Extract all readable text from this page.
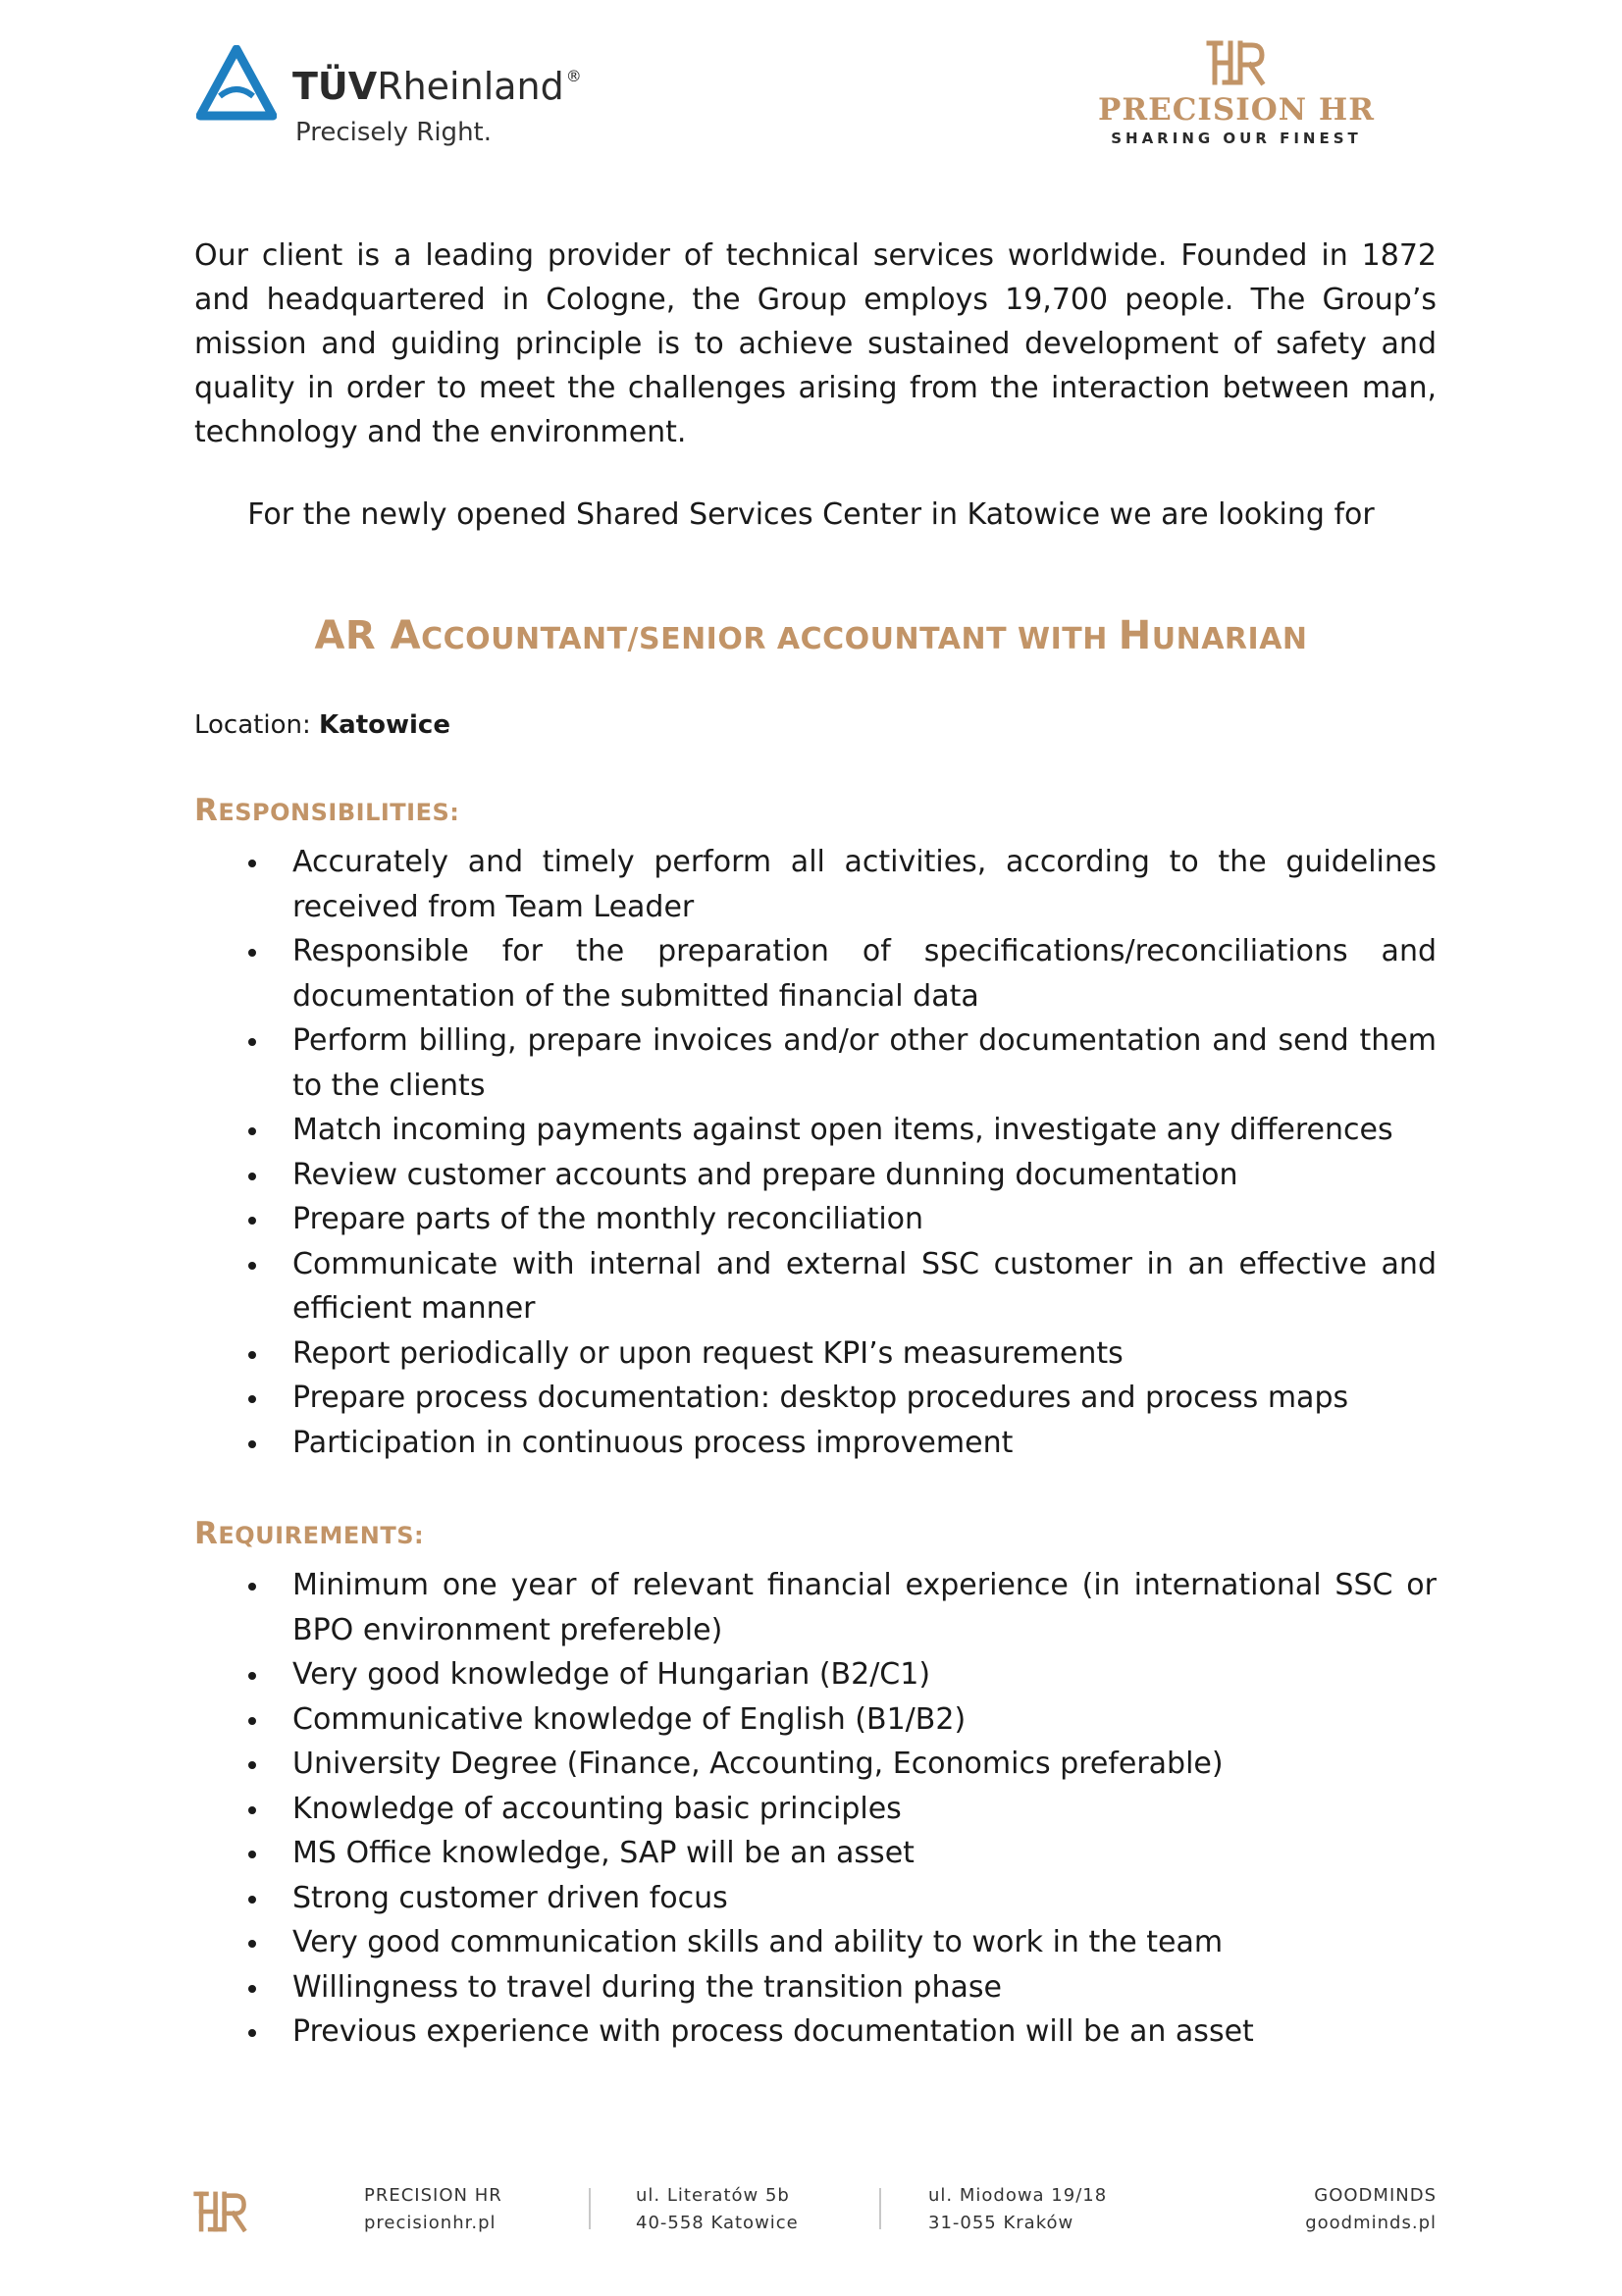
TÜVRheinland ®
Precisely Right.
PRECISION HR
SHARING OUR FINEST

Our client is a leading provider of technical services worldwide. Founded in 1872 and headquartered in Cologne, the Group employs 19,700 people. The Group’s mission and guiding principle is to achieve sustained development of safety and quality in order to meet the challenges arising from the interaction between man, technology and the environment.

For the newly opened Shared Services Center in Katowice we are looking for

AR ACCOUNTANT/SENIOR ACCOUNTANT WITH HUNARIAN

Location: Katowice

RESPONSIBILITIES:
Accurately and timely perform all activities, according to the guidelines received from Team Leader
Responsible for the preparation of specifications/reconciliations and documentation of the submitted financial data
Perform billing, prepare invoices and/or other documentation and send them to the clients
Match incoming payments against open items, investigate any differences
Review customer accounts and prepare dunning documentation
Prepare parts of the monthly reconciliation
Communicate with internal and external SSC customer in an effective and efficient manner
Report periodically or upon request KPI’s measurements
Prepare process documentation: desktop procedures and process maps
Participation in continuous process improvement
REQUIREMENTS:
Minimum one year of relevant financial experience (in international SSC or BPO environment prefereble)
Very good knowledge of Hungarian (B2/C1)
Communicative knowledge of English (B1/B2)
University Degree (Finance, Accounting, Economics preferable)
Knowledge of accounting basic principles
MS Office knowledge, SAP will be an asset
Strong customer driven focus
Very good communication skills and ability to work in the team
Willingness to travel during the transition phase
Previous experience with process documentation will be an asset
PRECISION HR
precisionhr.pl
ul. Literatów 5b
40-558 Katowice
ul. Miodowa 19/18
31-055 Kraków
GOODMINDS
goodminds.pl
